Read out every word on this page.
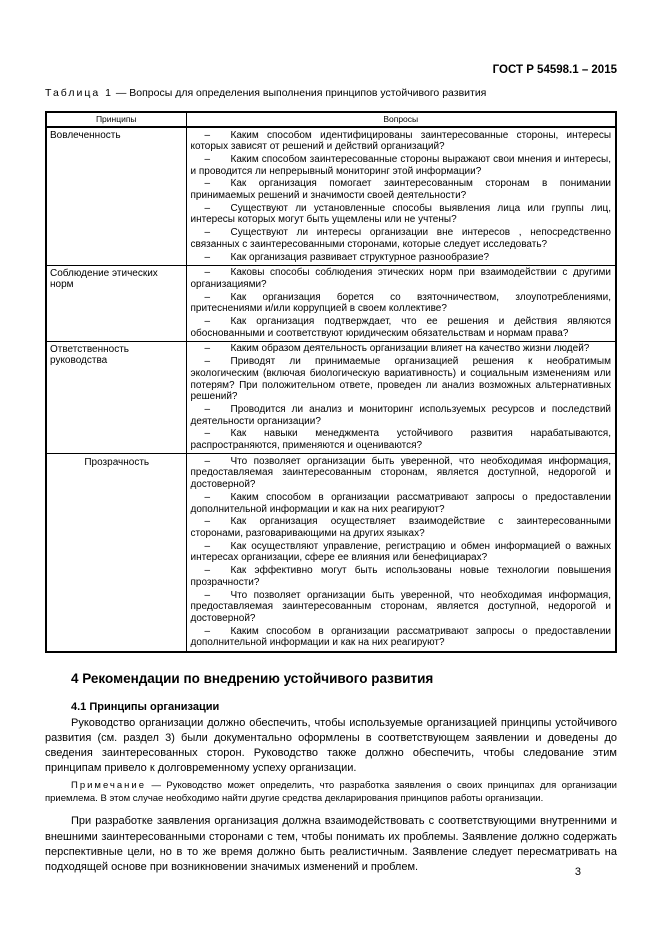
ГОСТ Р 54598.1 – 2015

Таблица 1 — Вопросы для определения выполнения принципов устойчивого развития

Принципы	Вопросы
Вовлеченность	– Каким способом идентифицированы заинтересованные стороны, интересы которых зависят от решений и действий организаций?

– Каким способом заинтересованные стороны выражают свои мнения и интересы, и проводится ли непрерывный мониторинг этой информации?

– Как организация помогает заинтересованным сторонам в понимании принимаемых решений и значимости своей деятельности?

– Существуют ли установленные способы выявления лица или группы лиц, интересы которых могут быть ущемлены или не учтены?

– Существуют ли интересы организации вне интересов , непосредственно связанных с заинтересованными сторонами, которые следует исследовать?

– Как организация развивает структурное разнообразие?

Соблюдение этических норм	– Каковы способы соблюдения этических норм при взаимодействии с другими организациями?

– Как организация борется со взяточничеством, злоупотреблениями, притеснениями и/или коррупцией в своем коллективе?

– Как организация подтверждает, что ее решения и действия являются обоснованными и соответствуют юридическим обязательствам и нормам права?

Ответственность руководства	– Каким образом деятельность организации влияет на качество жизни людей?

– Приводят ли принимаемые организацией решения к необратимым экологическим (включая биологическую вариативность) и социальным изменениям или потерям? При положительном ответе, проведен ли анализ возможных альтернативных решений?

– Проводится ли анализ и мониторинг используемых ресурсов и последствий деятельности организации?

– Как навыки менеджмента устойчивого развития нарабатываются, распространяются, применяются и оцениваются?

Прозрачность	– Что позволяет организации быть уверенной, что необходимая информация, предоставляемая заинтересованным сторонам, является доступной, недорогой и достоверной?

– Каким способом в организации рассматривают запросы о предоставлении дополнительной информации и как на них реагируют?

– Как организация осуществляет взаимодействие с заинтересованными сторонами, разговаривающими на других языках?

– Как осуществляют управление, регистрацию и обмен информацией о важных интересах организации, сфере ее влияния или бенефициарах?

– Как эффективно могут быть использованы новые технологии повышения прозрачности?

– Что позволяет организации быть уверенной, что необходимая информация, предоставляемая заинтересованным сторонам, является доступной, недорогой и достоверной?

– Каким способом в организации рассматривают запросы о предоставлении дополнительной информации и как на них реагируют?

4 Рекомендации по внедрению устойчивого развития
4.1 Принципы организации

Руководство организации должно обеспечить, чтобы используемые организацией принципы устойчивого развития (см. раздел 3) были документально оформлены в соответствующем заявлении и доведены до сведения заинтересованных сторон. Руководство также должно обеспечить, чтобы следование этим принципам привело к долговременному успеху организации.

Примечание — Руководство может определить, что разработка заявления о своих принципах для организации приемлема. В этом случае необходимо найти другие средства декларирования принципов работы организации.

При разработке заявления организация должна взаимодействовать с соответствующими внутренними и внешними заинтересованными сторонами с тем, чтобы понимать их проблемы. Заявление должно содержать перспективные цели, но в то же время должно быть реалистичным. Заявление следует пересматривать на подходящей основе при возникновении значимых изменений и проблем.	3
